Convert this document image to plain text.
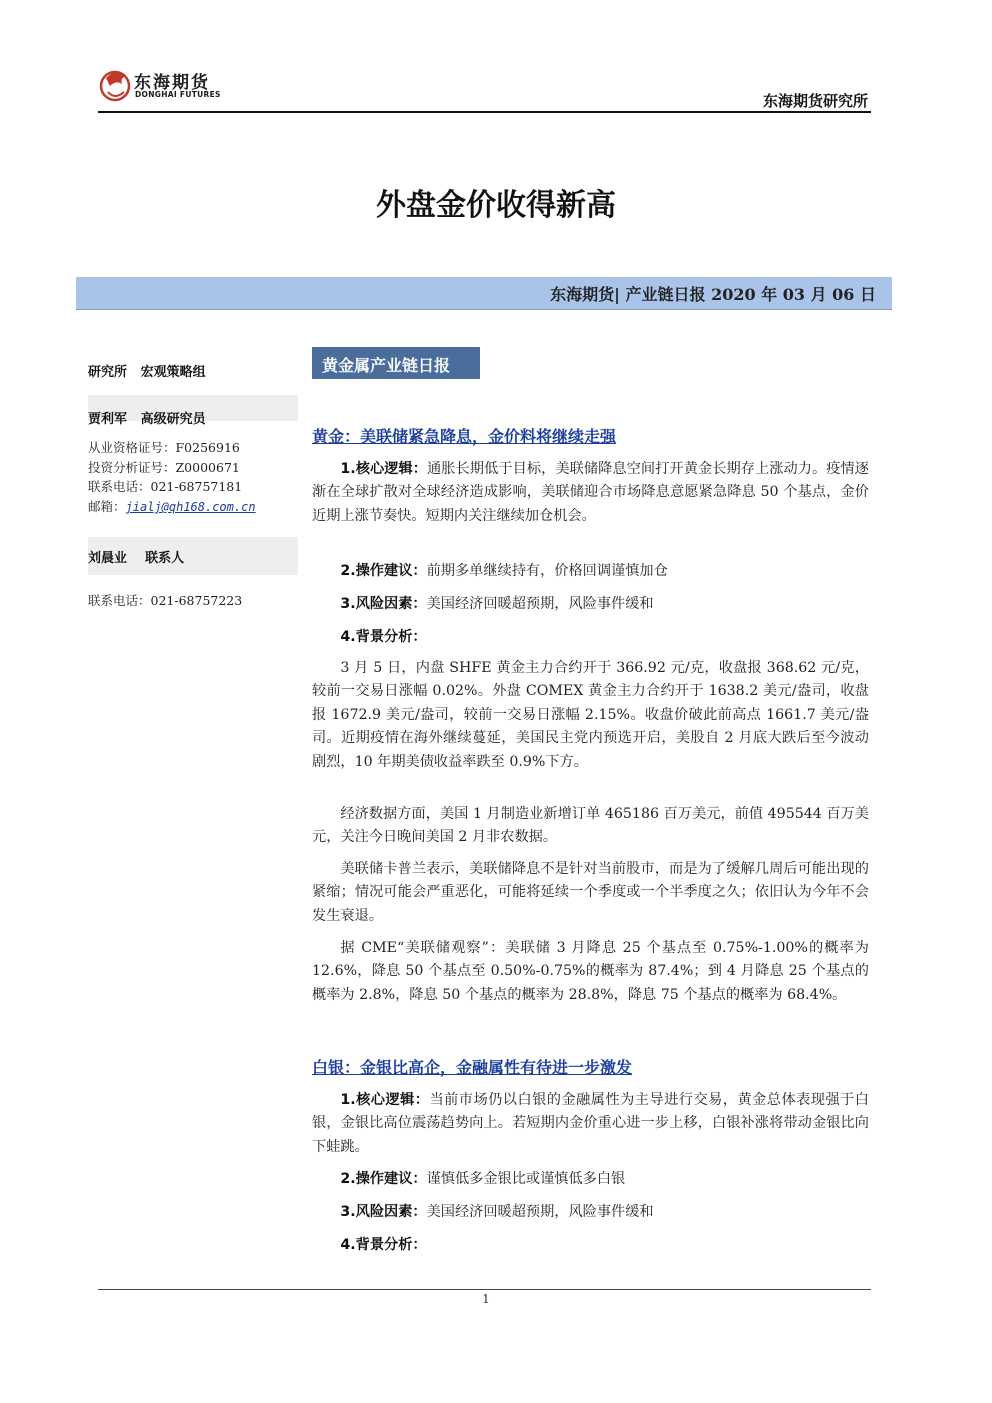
东海期货
DONGHAI FUTURES	东海期货研究所
外盘金价收得新高
东海期货| 产业链日报 2020 年 03 月 06 日
研究所 宏观策略组
贾利军 高级研究员
从业资格证号：F0256916
投资分析证号：Z0000671
联系电话：021-68757181
邮箱：jialj@qh168.com.cn
刘晨业 联系人
联系电话：021-68757223
黄金属产业链日报
黄金：美联储紧急降息，金价料将继续走强
1.核心逻辑：通胀长期低于目标，美联储降息空间打开黄金长期存上涨动力。疫情逐渐在全球扩散对全球经济造成影响，美联储迎合市场降息意愿紧急降息 50 个基点，金价近期上涨节奏快。短期内关注继续加仓机会。
2.操作建议：前期多单继续持有，价格回调谨慎加仓
3.风险因素：美国经济回暖超预期，风险事件缓和
4.背景分析：
3 月 5 日，内盘 SHFE 黄金主力合约开于 366.92 元/克，收盘报 368.62 元/克，较前一交易日涨幅 0.02%。外盘 COMEX 黄金主力合约开于 1638.2 美元/盎司，收盘报 1672.9 美元/盎司，较前一交易日涨幅 2.15%。收盘价破此前高点 1661.7 美元/盎司。近期疫情在海外继续蔓延，美国民主党内预选开启，美股自 2 月底大跌后至今波动剧烈，10 年期美债收益率跌至 0.9%下方。
经济数据方面，美国 1 月制造业新增订单 465186 百万美元，前值 495544 百万美元，关注今日晚间美国 2 月非农数据。
美联储卡普兰表示，美联储降息不是针对当前股市，而是为了缓解几周后可能出现的紧缩；情况可能会严重恶化，可能将延续一个季度或一个半季度之久；依旧认为今年不会发生衰退。
据 CME“美联储观察”：美联储 3 月降息 25 个基点至 0.75%-1.00%的概率为 12.6%，降息 50 个基点至 0.50%-0.75%的概率为 87.4%；到 4 月降息 25 个基点的概率为 2.8%，降息 50 个基点的概率为 28.8%，降息 75 个基点的概率为 68.4%。
白银：金银比高企，金融属性有待进一步激发
1.核心逻辑：当前市场仍以白银的金融属性为主导进行交易，黄金总体表现强于白银，金银比高位震荡趋势向上。若短期内金价重心进一步上移，白银补涨将带动金银比向下蛙跳。
2.操作建议：谨慎低多金银比或谨慎低多白银
3.风险因素：美国经济回暖超预期，风险事件缓和
4.背景分析：
1
